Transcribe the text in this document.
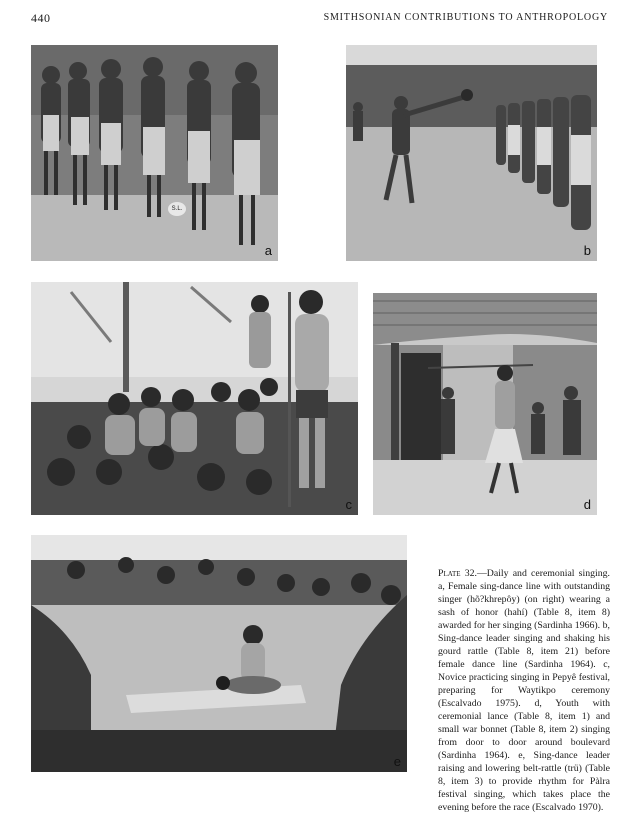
440	SMITHSONIAN CONTRIBUTIONS TO ANTHROPOLOGY
S.L.
a	b
c	d
e

Plate 32.—Daily and ceremonial singing. a, Female sing-dance line with outstanding singer (hõ?khrepôy) (on right) wearing a sash of honor (hahí) (Table 8, item 8) awarded for her singing (Sardinha 1966). b, Sing-dance leader singing and shaking his gourd rattle (Table 8, item 21) before female dance line (Sardinha 1964). c, Novice practicing singing in Pepyê festival, preparing for Waytikpo ceremony (Escalvado 1975). d, Youth with ceremonial lance (Table 8, item 1) and small war bonnet (Table 8, item 2) singing from door to door around boulevard (Sardinha 1964). e, Sing-dance leader raising and lowering belt-rattle (trü) (Table 8, item 3) to provide rhythm for Pàlra festival singing, which takes place the evening before the race (Escalvado 1970).
